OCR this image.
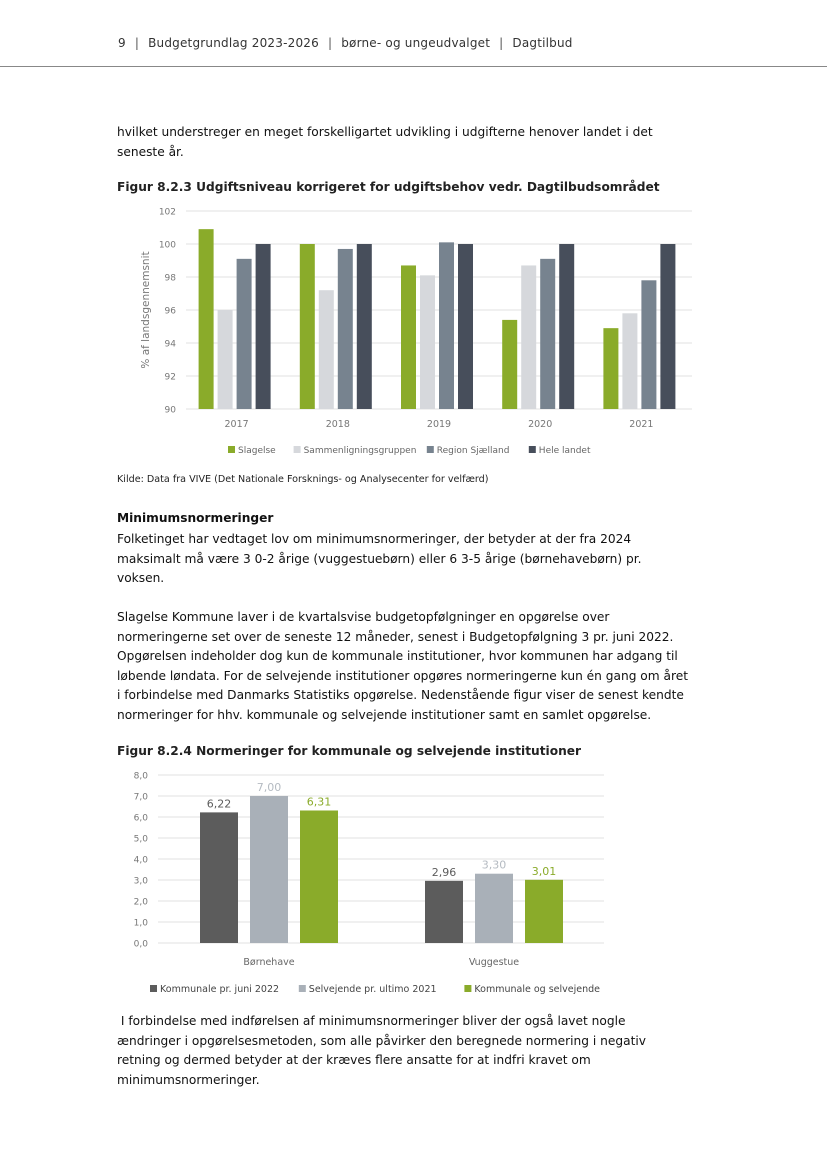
9 | Budgetgrundlag 2023-2026 | børne- og ungeudvalget | Dagtilbud
hvilket understreger en meget forskelligartet udvikling i udgifterne henover landet i det
seneste år.
Figur 8.2.3 Udgiftsniveau korrigeret for udgiftsbehov vedr. Dagtilbudsområdet
90
92
94
96
98
100
102
% af landsgennemsnit
2017	2018	2019	2020	2021
Slagelse	Sammenligningsgruppen Region Sjælland	Hele landet
Kilde: Data fra VIVE (Det Nationale Forsknings- og Analysecenter for velfærd)
Minimumsnormeringer
Folketinget har vedtaget lov om minimumsnormeringer, der betyder at der fra 2024
maksimalt må være 3 0-2 årige (vuggestuebørn) eller 6 3-5 årige (børnehavebørn) pr.
voksen.
Slagelse Kommune laver i de kvartalsvise budgetopfølgninger en opgørelse over
normeringerne set over de seneste 12 måneder, senest i Budgetopfølgning 3 pr. juni 2022.
Opgørelsen indeholder dog kun de kommunale institutioner, hvor kommunen har adgang til
løbende løndata. For de selvejende institutioner opgøres normeringerne kun én gang om året
i forbindelse med Danmarks Statistiks opgørelse. Nedenstående figur viser de senest kendte
normeringer for hhv. kommunale og selvejende institutioner samt en samlet opgørelse.
Figur 8.2.4 Normeringer for kommunale og selvejende institutioner
0,0
1,0
2,0
3,0
4,0
5,0
6,0
7,0
8,0
6,22
7,00
6,31
Børnehave
2,96
3,30 3,01
Vuggestue
Kommunale pr. juni 2022	Selvejende pr. ultimo 2021	Kommunale og selvejende
I forbindelse med indførelsen af minimumsnormeringer bliver der også lavet nogle
ændringer i opgørelsesmetoden, som alle påvirker den beregnede normering i negativ
retning og dermed betyder at der kræves flere ansatte for at indfri kravet om
minimumsnormeringer.
